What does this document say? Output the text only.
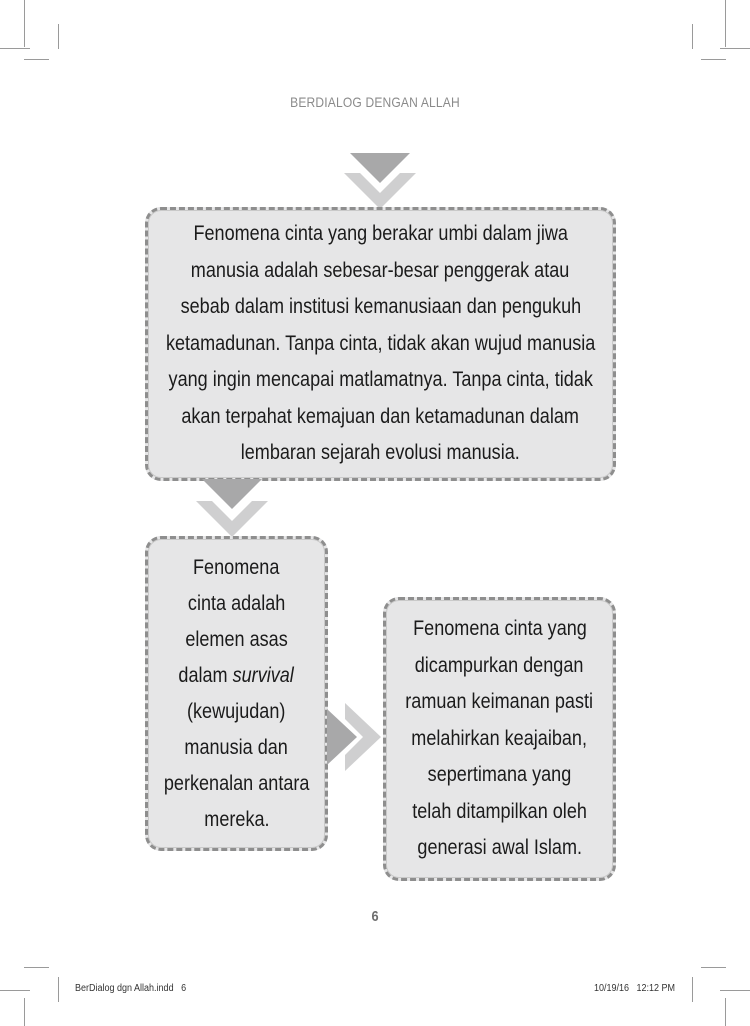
BERDIALOG DENGAN ALLAH
Fenomena cinta yang berakar umbi dalam jiwa
manusia adalah sebesar-besar penggerak atau
sebab dalam institusi kemanusiaan dan pengukuh
ketamadunan. Tanpa cinta, tidak akan wujud manusia
yang ingin mencapai matlamatnya. Tanpa cinta, tidak
akan terpahat kemajuan dan ketamadunan dalam
lembaran sejarah evolusi manusia.
Fenomena
cinta adalah
elemen asas
dalam survival
(kewujudan)
manusia dan
perkenalan antara
mereka.
Fenomena cinta yang
dicampurkan dengan
ramuan keimanan pasti
melahirkan keajaiban,
sepertimana yang
telah ditampilkan oleh
generasi awal Islam.
6
BerDialog dgn Allah.indd   6	10/19/16   12:12 PM
